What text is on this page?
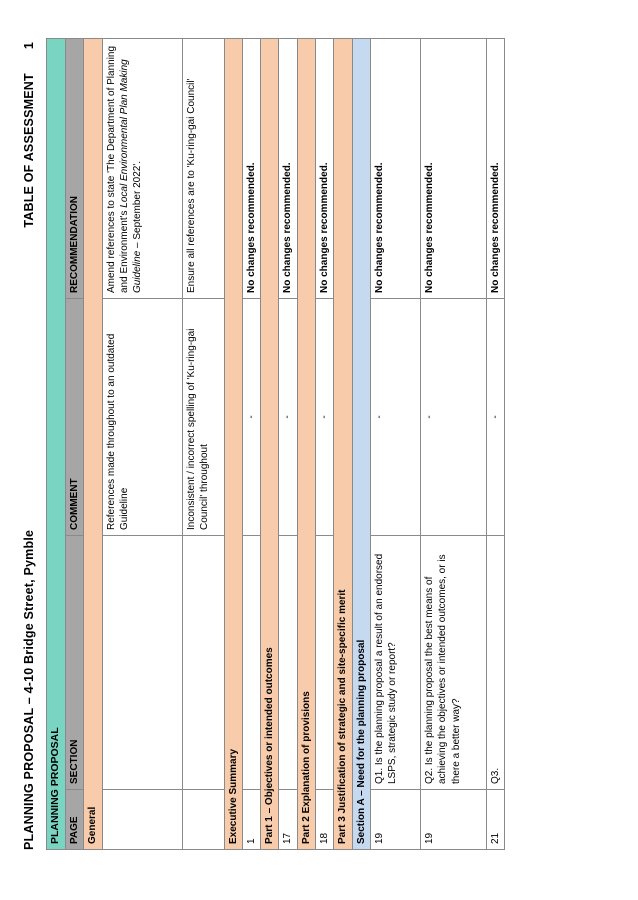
PLANNING PROPOSAL – 4-10 Bridge Street, Pymble
TABLE OF ASSESSMENT1
PLANNING PROPOSAL			
PAGE	SECTION	COMMENT	RECOMMENDATION
General			
		References made throughout to an outdated Guideline	Amend references to state 'The Department of Planning and Environment's Local Environmental Plan Making Guideline – September 2022'.
		Inconsistent / incorrect spelling of 'Ku-ring-gai Council' throughout	Ensure all references are to 'Ku-ring-gai Council'
Executive Summary			
1		-	No changes recommended.
Part 1 – Objectives or intended outcomes			
17		-	No changes recommended.
Part 2 Explanation of provisions			
18		-	No changes recommended.
Part 3 Justification of strategic and site-specific merit			
Section A – Need for the planning proposal			
19	Q1. Is the planning proposal a result of an endorsed LSPS, strategic study or report?	-	No changes recommended.
19	Q2. Is the planning proposal the best means of achieving the objectives or intended outcomes, or is there a better way?	-	No changes recommended.
21	Q3.	-	No changes recommended.
